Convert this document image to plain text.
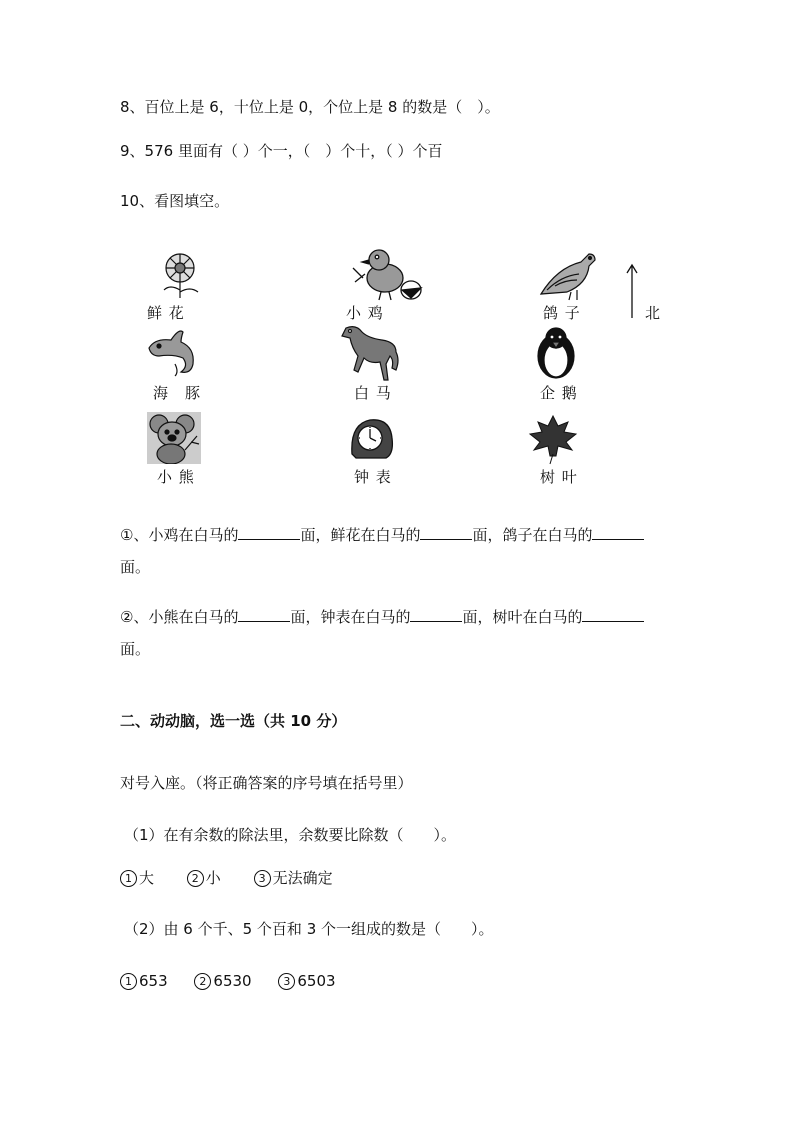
8、百位上是 6，十位上是 0，个位上是 8 的数是（　）。
9、576 里面有（ ）个一，（　）个十，（ ）个百
10、看图填空。
北
鲜 花	小 鸡	鸽 子
海　豚	白 马	企 鹅
小 熊	钟 表	树 叶
①、小鸡在白马的	面，鲜花在白马的	面，鸽子在白马的
面。
②、小熊在白马的	面，钟表在白马的	面，树叶在白马的
面。
二、动动脑，选一选（共 10 分）
对号入座。（将正确答案的序号填在括号里）
（1）在有余数的除法里，余数要比除数（　　）。
1 大	2 小	3 无法确定
（2）由 6 个千、5 个百和 3 个一组成的数是（　　）。
1 653	2 6530	3 6503
